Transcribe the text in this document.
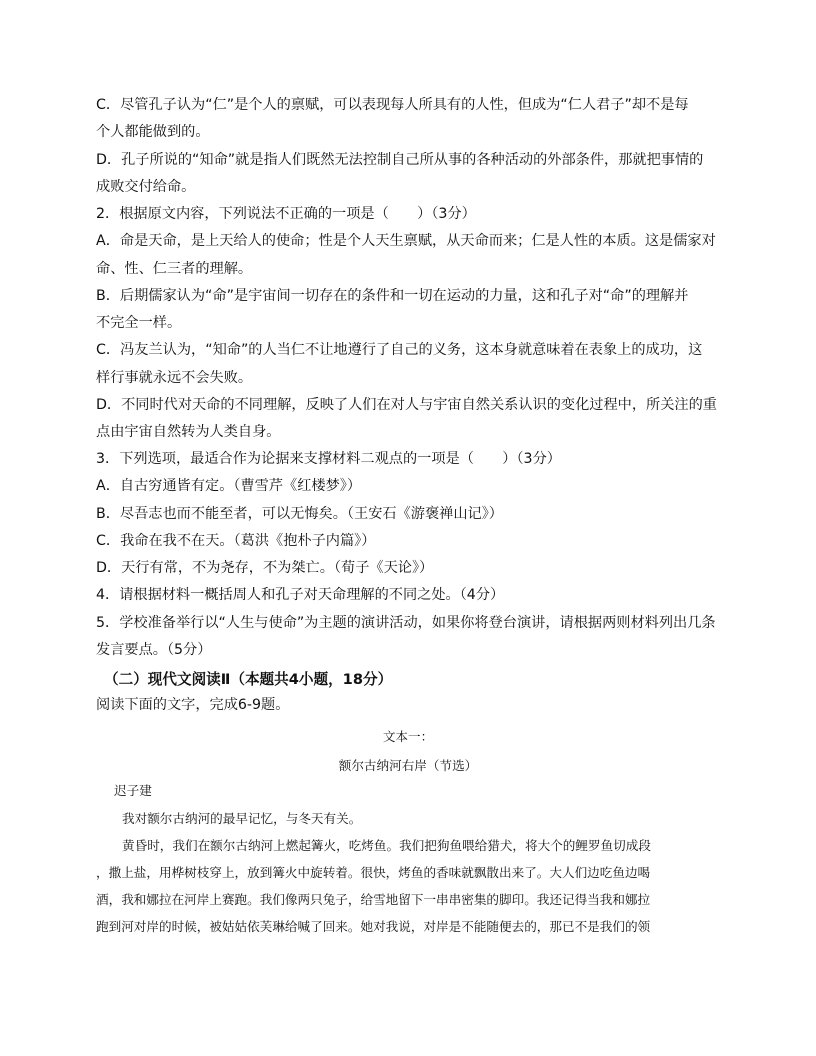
C．尽管孔子认为“仁”是个人的禀赋，可以表现每人所具有的人性，但成为“仁人君子”却不是每
个人都能做到的。
D．孔子所说的“知命”就是指人们既然无法控制自己所从事的各种活动的外部条件，那就把事情的
成败交付给命。
2．根据原文内容，下列说法不正确的一项是（　　）（3分）
A．命是天命，是上天给人的使命；性是个人天生禀赋，从天命而来；仁是人性的本质。这是儒家对
命、性、仁三者的理解。
B．后期儒家认为“命”是宇宙间一切存在的条件和一切在运动的力量，这和孔子对“命”的理解并
不完全一样。
C．冯友兰认为，“知命”的人当仁不让地遵行了自己的义务，这本身就意味着在表象上的成功，这
样行事就永远不会失败。
D．不同时代对天命的不同理解，反映了人们在对人与宇宙自然关系认识的变化过程中，所关注的重
点由宇宙自然转为人类自身。
3．下列选项，最适合作为论据来支撑材料二观点的一项是（　　）（3分）
A．自古穷通皆有定。（曹雪芹《红楼梦》）
B．尽吾志也而不能至者，可以无悔矣。（王安石《游褒禅山记》）
C．我命在我不在天。（葛洪《抱朴子内篇》）
D．天行有常，不为尧存，不为桀亡。（荀子《天论》）
4．请根据材料一概括周人和孔子对天命理解的不同之处。（4分）
5．学校准备举行以“人生与使命”为主题的演讲活动，如果你将登台演讲，请根据两则材料列出几条
发言要点。（5分）
（二）现代文阅读Ⅱ（本题共4小题，18分）
阅读下面的文字，完成6-9题。
文本一：
额尔古纳河右岸（节选）
迟子建
我对额尔古纳河的最早记忆，与冬天有关。
黄昏时，我们在额尔古纳河上燃起篝火，吃烤鱼。我们把狗鱼喂给猎犬，将大个的鲤罗鱼切成段
，撒上盐，用桦树枝穿上，放到篝火中旋转着。很快，烤鱼的香味就飘散出来了。大人们边吃鱼边喝
酒，我和娜拉在河岸上赛跑。我们像两只兔子，给雪地留下一串串密集的脚印。我还记得当我和娜拉
跑到河对岸的时候，被姑姑依芙琳给喊了回来。她对我说，对岸是不能随便去的，那已不是我们的领
